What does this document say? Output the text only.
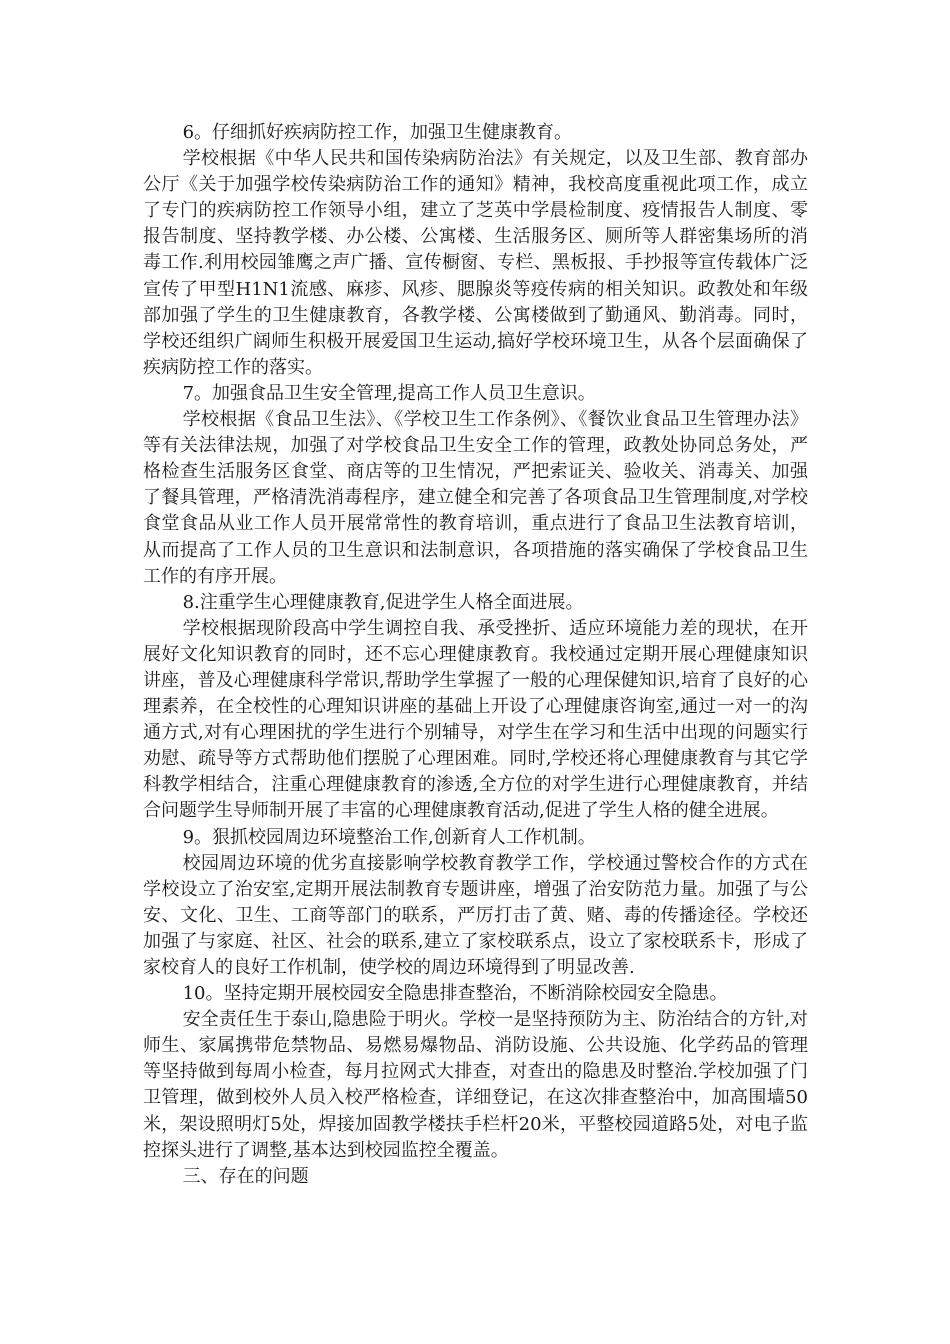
6。仔细抓好疾病防控工作，加强卫生健康教育。

学校根据《中华人民共和国传染病防治法》有关规定，以及卫生部、教育部办公厅《关于加强学校传染病防治工作的通知》精神，我校高度重视此项工作，成立了专门的疾病防控工作领导小组，建立了芝英中学晨检制度、疫情报告人制度、零报告制度、坚持教学楼、办公楼、公寓楼、生活服务区、厕所等人群密集场所的消毒工作.利用校园雏鹰之声广播、宣传橱窗、专栏、黑板报、手抄报等宣传载体广泛宣传了甲型H1N1流感、麻疹、风疹、腮腺炎等疫传病的相关知识。政教处和年级部加强了学生的卫生健康教育，各教学楼、公寓楼做到了勤通风、勤消毒。同时，学校还组织广阔师生积极开展爱国卫生运动,搞好学校环境卫生，从各个层面确保了疾病防控工作的落实。

7。加强食品卫生安全管理,提高工作人员卫生意识。

学校根据《食品卫生法》、《学校卫生工作条例》、《餐饮业食品卫生管理办法》等有关法律法规，加强了对学校食品卫生安全工作的管理，政教处协同总务处，严格检查生活服务区食堂、商店等的卫生情况，严把索证关、验收关、消毒关、加强了餐具管理，严格清洗消毒程序，建立健全和完善了各项食品卫生管理制度,对学校食堂食品从业工作人员开展常常性的教育培训，重点进行了食品卫生法教育培训，从而提高了工作人员的卫生意识和法制意识，各项措施的落实确保了学校食品卫生工作的有序开展。

8.注重学生心理健康教育,促进学生人格全面进展。

学校根据现阶段高中学生调控自我、承受挫折、适应环境能力差的现状，在开展好文化知识教育的同时，还不忘心理健康教育。我校通过定期开展心理健康知识讲座，普及心理健康科学常识,帮助学生掌握了一般的心理保健知识,培育了良好的心理素养，在全校性的心理知识讲座的基础上开设了心理健康咨询室,通过一对一的沟通方式,对有心理困扰的学生进行个别辅导，对学生在学习和生活中出现的问题实行劝慰、疏导等方式帮助他们摆脱了心理困难。同时,学校还将心理健康教育与其它学科教学相结合，注重心理健康教育的渗透,全方位的对学生进行心理健康教育，并结合问题学生导师制开展了丰富的心理健康教育活动,促进了学生人格的健全进展。

9。狠抓校园周边环境整治工作,创新育人工作机制。

校园周边环境的优劣直接影响学校教育教学工作，学校通过警校合作的方式在学校设立了治安室,定期开展法制教育专题讲座，增强了治安防范力量。加强了与公安、文化、卫生、工商等部门的联系，严厉打击了黄、赌、毒的传播途径。学校还加强了与家庭、社区、社会的联系,建立了家校联系点，设立了家校联系卡，形成了家校育人的良好工作机制，使学校的周边环境得到了明显改善.

10。坚持定期开展校园安全隐患排查整治，不断消除校园安全隐患。

安全责任生于泰山,隐患险于明火。学校一是坚持预防为主、防治结合的方针,对师生、家属携带危禁物品、易燃易爆物品、消防设施、公共设施、化学药品的管理等坚持做到每周小检查，每月拉网式大排查，对查出的隐患及时整治.学校加强了门卫管理，做到校外人员入校严格检查，详细登记，在这次排查整治中，加高围墙50米，架设照明灯5处，焊接加固教学楼扶手栏杆20米，平整校园道路5处，对电子监控探头进行了调整,基本达到校园监控全覆盖。

三、存在的问题
